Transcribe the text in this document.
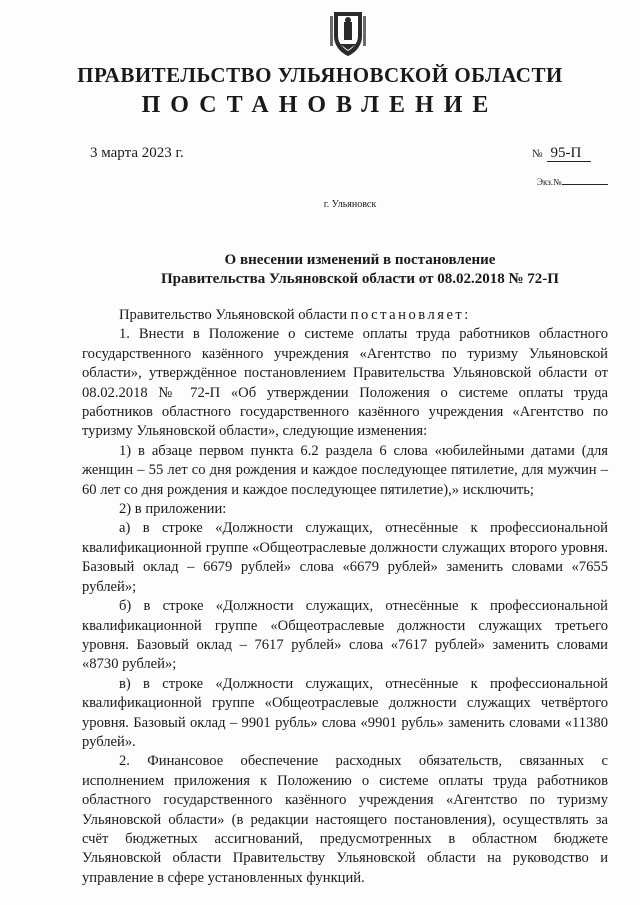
ПРАВИТЕЛЬСТВО УЛЬЯНОВСКОЙ ОБЛАСТИ
ПОСТАНОВЛЕНИЕ
3 марта 2023 г.	№ 95-П
Экз.№
г. Ульяновск
О внесении изменений в постановление
Правительства Ульяновской области от 08.02.2018 № 72-П

Правительство Ульяновской области постановляет:

1. Внести в Положение о системе оплаты труда работников областного государственного казённого учреждения «Агентство по туризму Ульяновской области», утверждённое постановлением Правительства Ульяновской области от 08.02.2018 № 72-П «Об утверждении Положения о системе оплаты труда работников областного государственного казённого учреждения «Агентство по туризму Ульяновской области», следующие изменения:

1) в абзаце первом пункта 6.2 раздела 6 слова «юбилейными датами (для женщин – 55 лет со дня рождения и каждое последующее пятилетие, для мужчин – 60 лет со дня рождения и каждое последующее пятилетие),» исключить;

2) в приложении:

а) в строке «Должности служащих, отнесённые к профессиональной квалификационной группе «Общеотраслевые должности служащих второго уровня. Базовый оклад – 6679 рублей» слова «6679 рублей» заменить словами «7655 рублей»;

б) в строке «Должности служащих, отнесённые к профессиональной квалификационной группе «Общеотраслевые должности служащих третьего уровня. Базовый оклад – 7617 рублей» слова «7617 рублей» заменить словами «8730 рублей»;

в) в строке «Должности служащих, отнесённые к профессиональной квалификационной группе «Общеотраслевые должности служащих четвёртого уровня. Базовый оклад – 9901 рубль» слова «9901 рубль» заменить словами «11380 рублей».

2. Финансовое обеспечение расходных обязательств, связанных с исполнением приложения к Положению о системе оплаты труда работников областного государственного казённого учреждения «Агентство по туризму Ульяновской области» (в редакции настоящего постановления), осуществлять за счёт бюджетных ассигнований, предусмотренных в областном бюджете Ульяновской области Правительству Ульяновской области на руководство и управление в сфере установленных функций.
